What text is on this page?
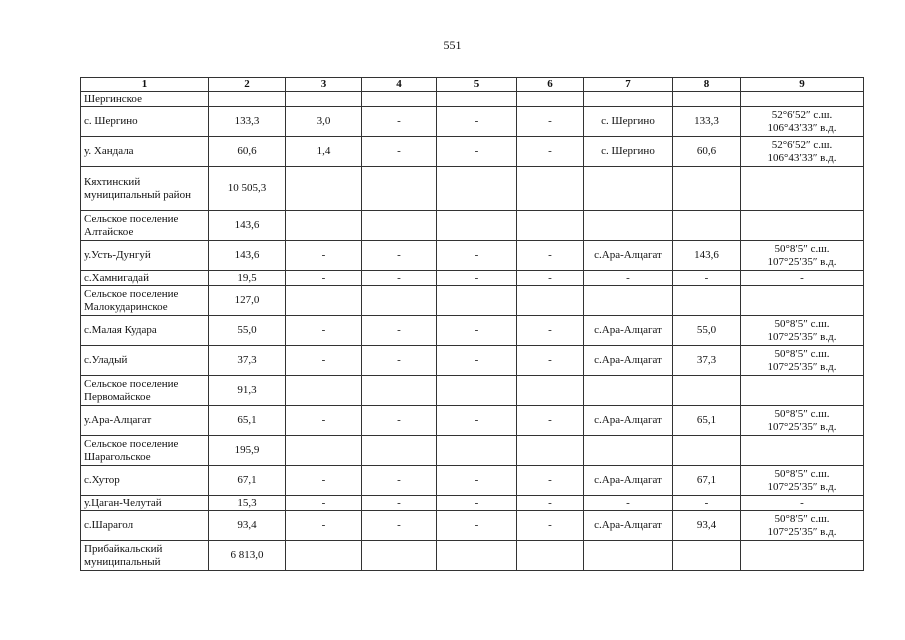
551
1	2	3	4	5	6	7	8	9
Шергинское								

с. Шергино	133,3	3,0	-	-	-	с. Шергино	133,3	52°6′52″ с.ш.
106°43′33″ в.д.

у. Хандала	60,6	1,4	-	-	-	с. Шергино	60,6	52°6′52″ с.ш.
106°43′33″ в.д.

Кяхтинский муниципальный район	10 505,3							

Сельское поселение Алтайское	143,6							

у.Усть-Дунгуй	143,6	-	-	-	-	с.Ара-Алцагат	143,6	50°8′5″ с.ш.
107°25′35″ в.д.

с.Хамнигадай	19,5	-	-	-	-	-	-	-

Сельское поселение Малокударинское	127,0							

с.Малая Кудара	55,0	-	-	-	-	с.Ара-Алцагат	55,0	50°8′5″ с.ш.
107°25′35″ в.д.

с.Уладый	37,3	-	-	-	-	с.Ара-Алцагат	37,3	50°8′5″ с.ш.
107°25′35″ в.д.

Сельское поселение Первомайское	91,3							

у.Ара-Алцагат	65,1	-	-	-	-	с.Ара-Алцагат	65,1	50°8′5″ с.ш.
107°25′35″ в.д.

Сельское поселение Шарагольское	195,9							

с.Хутор	67,1	-	-	-	-	с.Ара-Алцагат	67,1	50°8′5″ с.ш.
107°25′35″ в.д.

у.Цаган-Челутай	15,3	-	-	-	-	-	-	-

с.Шарагол	93,4	-	-	-	-	с.Ара-Алцагат	93,4	50°8′5″ с.ш.
107°25′35″ в.д.

Прибайкальский муниципальный	6 813,0							
